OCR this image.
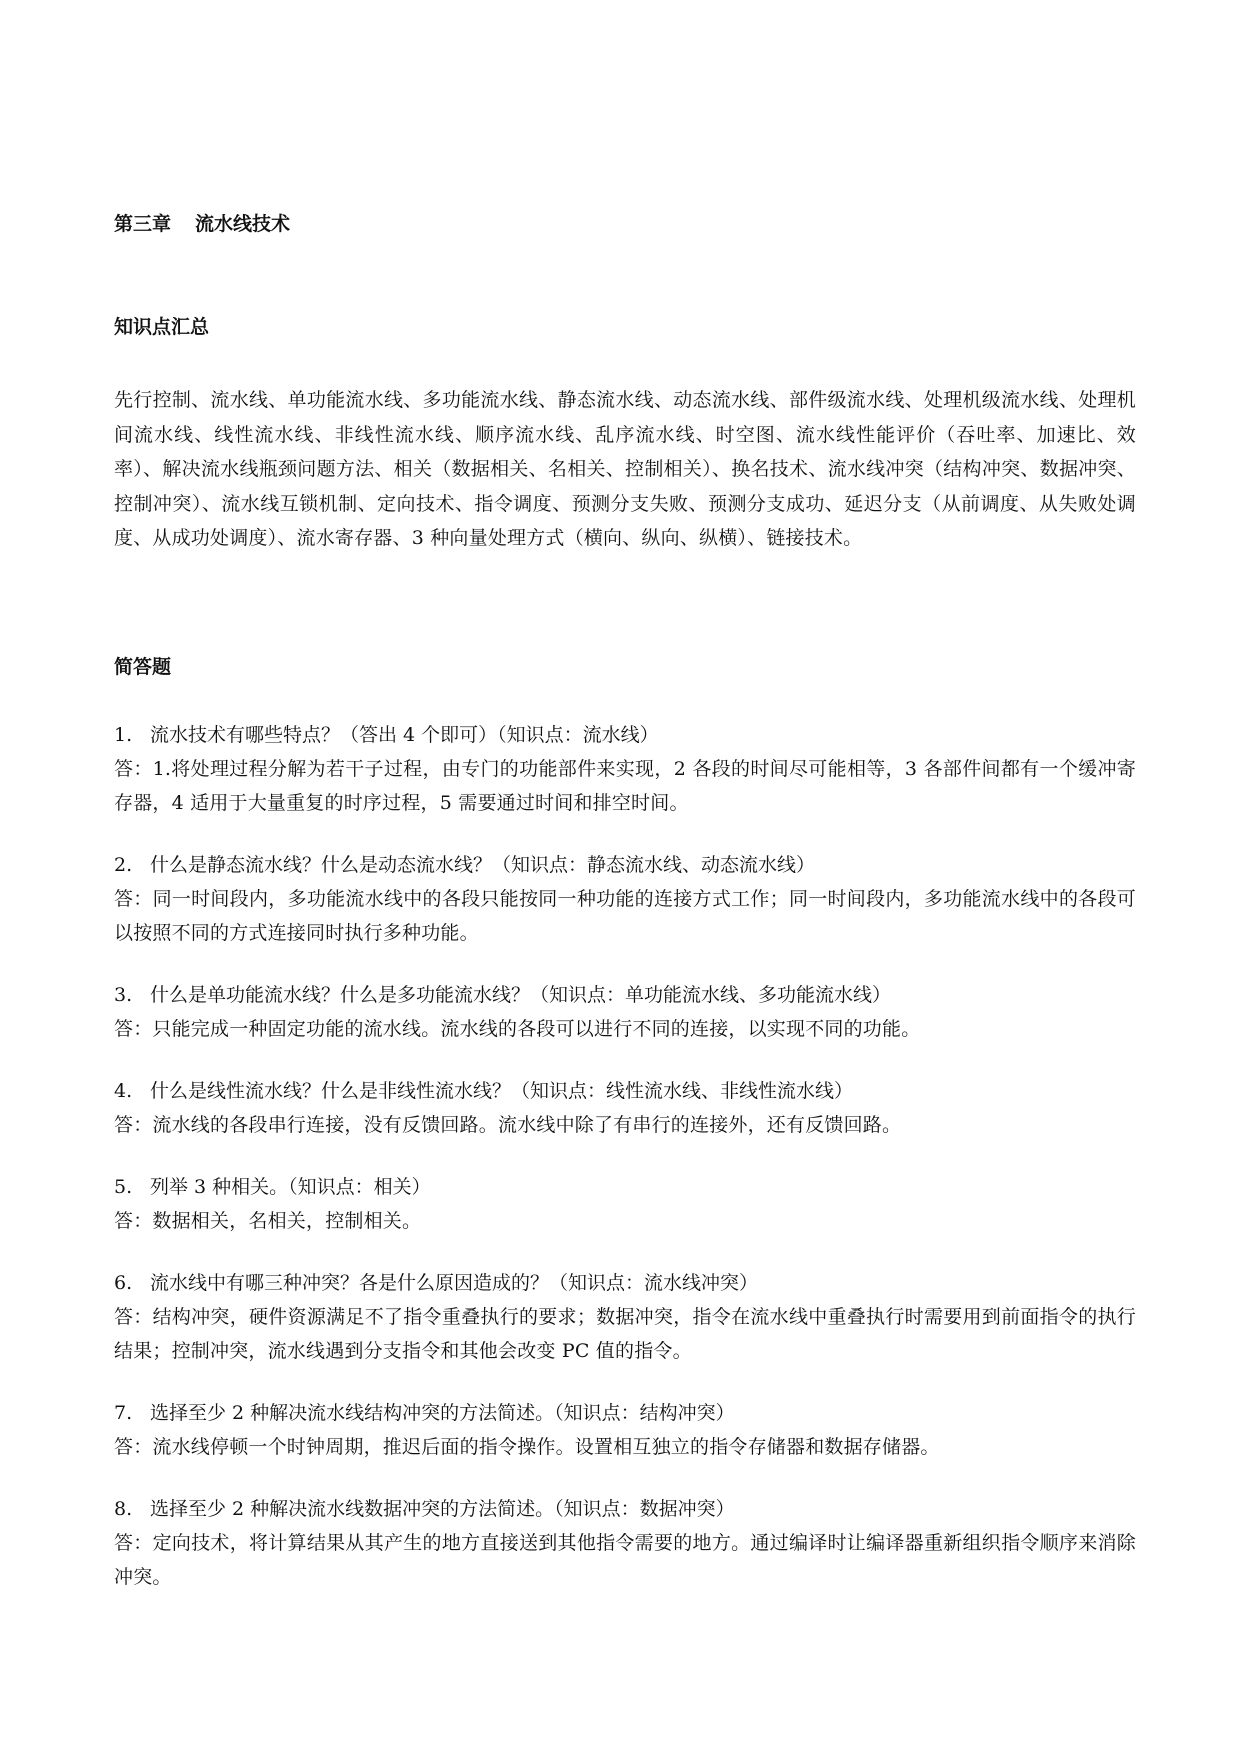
第三章 流水线技术
知识点汇总

先行控制、流水线、单功能流水线、多功能流水线、静态流水线、动态流水线、部件级流水线、处理机级流水线、处理机间流水线、线性流水线、非线性流水线、顺序流水线、乱序流水线、时空图、流水线性能评价（吞吐率、加速比、效率）、解决流水线瓶颈问题方法、相关（数据相关、名相关、控制相关）、换名技术、流水线冲突（结构冲突、数据冲突、控制冲突）、流水线互锁机制、定向技术、指令调度、预测分支失败、预测分支成功、延迟分支（从前调度、从失败处调度、从成功处调度）、流水寄存器、3 种向量处理方式（横向、纵向、纵横）、链接技术。

简答题

1. 流水技术有哪些特点？（答出 4 个即可）（知识点：流水线）

答：1.将处理过程分解为若干子过程，由专门的功能部件来实现，2 各段的时间尽可能相等，3 各部件间都有一个缓冲寄存器，4 适用于大量重复的时序过程，5 需要通过时间和排空时间。

2. 什么是静态流水线？什么是动态流水线？（知识点：静态流水线、动态流水线）

答：同一时间段内，多功能流水线中的各段只能按同一种功能的连接方式工作；同一时间段内，多功能流水线中的各段可以按照不同的方式连接同时执行多种功能。

3. 什么是单功能流水线？什么是多功能流水线？（知识点：单功能流水线、多功能流水线）

答：只能完成一种固定功能的流水线。流水线的各段可以进行不同的连接，以实现不同的功能。

4. 什么是线性流水线？什么是非线性流水线？（知识点：线性流水线、非线性流水线）

答：流水线的各段串行连接，没有反馈回路。流水线中除了有串行的连接外，还有反馈回路。

5. 列举 3 种相关。（知识点：相关）

答：数据相关，名相关，控制相关。

6. 流水线中有哪三种冲突？各是什么原因造成的？（知识点：流水线冲突）

答：结构冲突，硬件资源满足不了指令重叠执行的要求；数据冲突，指令在流水线中重叠执行时需要用到前面指令的执行结果；控制冲突，流水线遇到分支指令和其他会改变 PC 值的指令。

7. 选择至少 2 种解决流水线结构冲突的方法简述。（知识点：结构冲突）

答：流水线停顿一个时钟周期，推迟后面的指令操作。设置相互独立的指令存储器和数据存储器。

8. 选择至少 2 种解决流水线数据冲突的方法简述。（知识点：数据冲突）

答：定向技术，将计算结果从其产生的地方直接送到其他指令需要的地方。通过编译时让编译器重新组织指令顺序来消除冲突。
